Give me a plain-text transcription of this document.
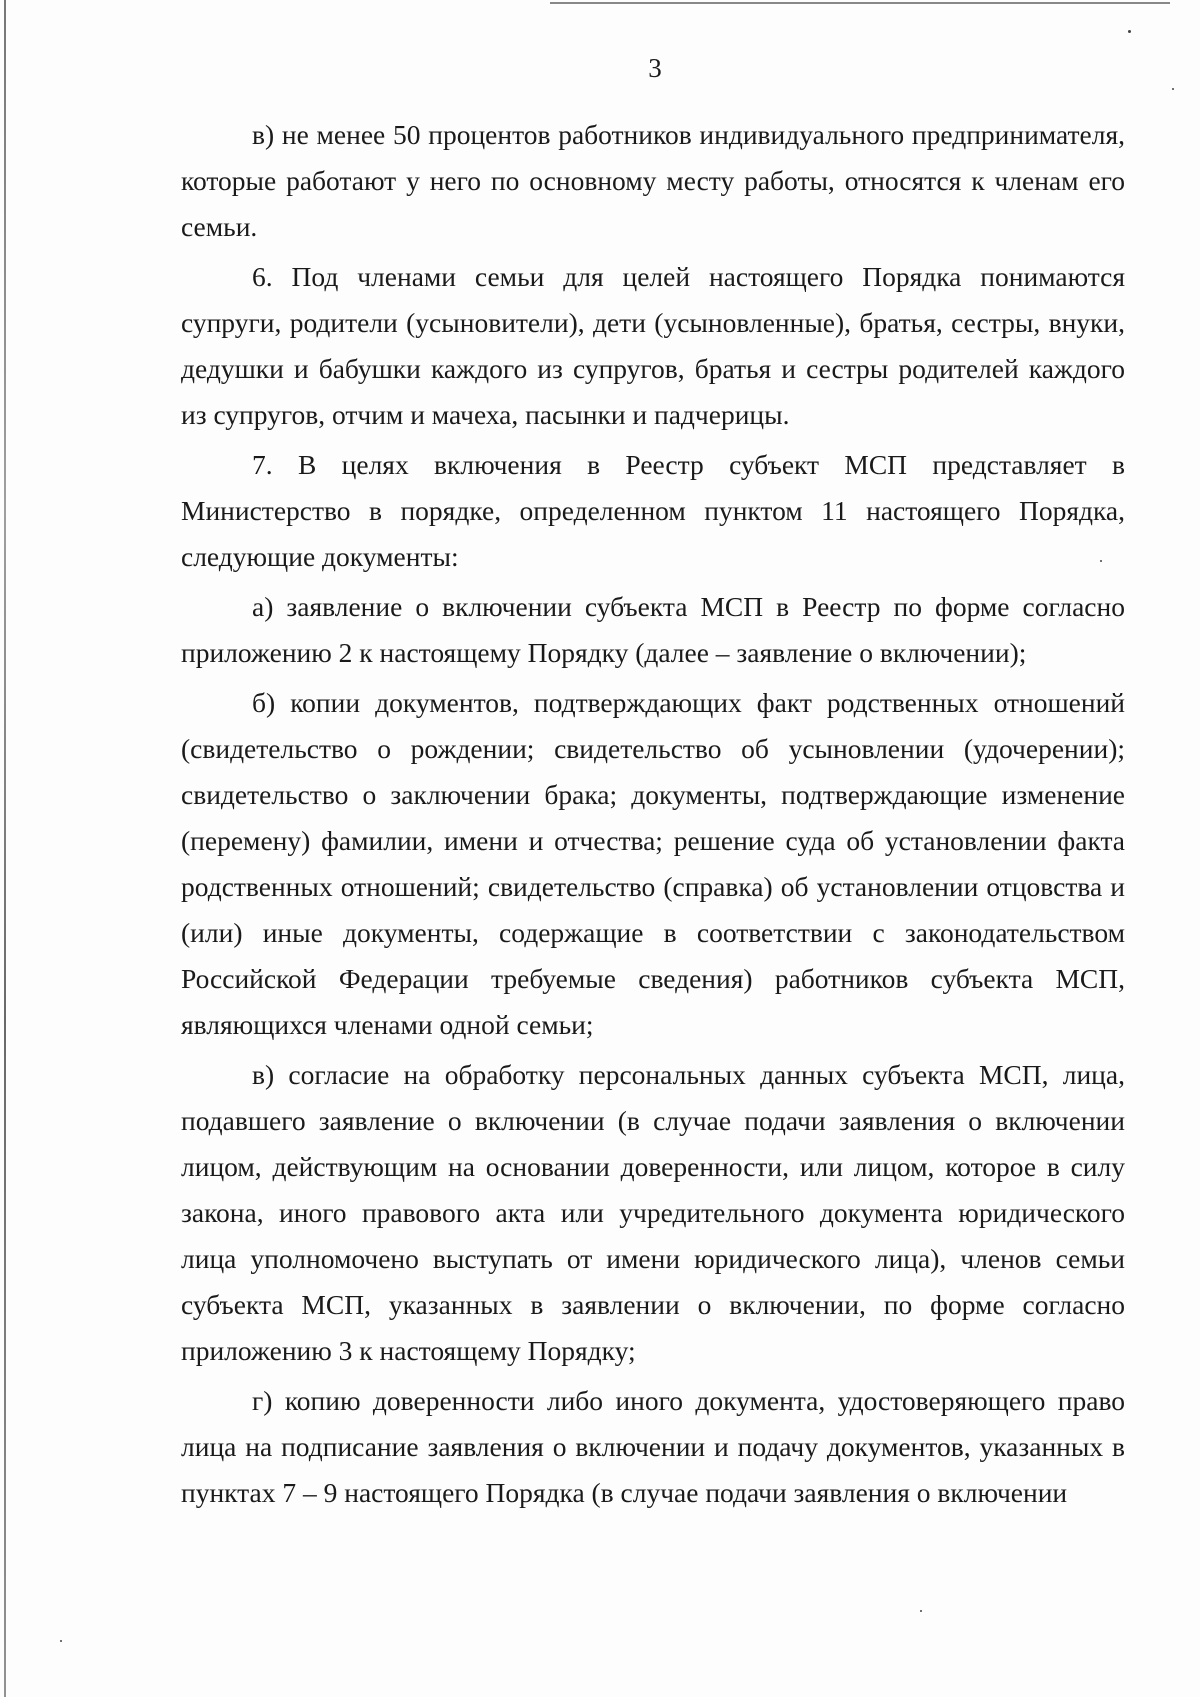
3

в) не менее 50 процентов работников индивидуального предпринимателя, которые работают у него по основному месту работы, относятся к членам его семьи.

6. Под членами семьи для целей настоящего Порядка понимаются супруги, родители (усыновители), дети (усыновленные), братья, сестры, внуки, дедушки и бабушки каждого из супругов, братья и сестры родителей каждого из супругов, отчим и мачеха, пасынки и падчерицы.

7. В целях включения в Реестр субъект МСП представляет в Министерство в порядке, определенном пунктом 11 настоящего Порядка, следующие документы:

а) заявление о включении субъекта МСП в Реестр по форме согласно приложению 2 к настоящему Порядку (далее – заявление о включении);

б) копии документов, подтверждающих факт родственных отношений (свидетельство о рождении; свидетельство об усыновлении (удочерении); свидетельство о заключении брака; документы, подтверждающие изменение (перемену) фамилии, имени и отчества; решение суда об установлении факта родственных отношений; свидетельство (справка) об установлении отцовства и (или) иные документы, содержащие в соответствии с законодательством Российской Федерации требуемые сведения) работников субъекта МСП, являющихся членами одной семьи;

в) согласие на обработку персональных данных субъекта МСП, лица, подавшего заявление о включении (в случае подачи заявления о включении лицом, действующим на основании доверенности, или лицом, которое в силу закона, иного правового акта или учредительного документа юридического лица уполномочено выступать от имени юридического лица), членов семьи субъекта МСП, указанных в заявлении о включении, по форме согласно приложению 3 к настоящему Порядку;

г) копию доверенности либо иного документа, удостоверяющего право лица на подписание заявления о включении и подачу документов, указанных в пунктах 7 – 9 настоящего Порядка (в случае подачи заявления о включении
